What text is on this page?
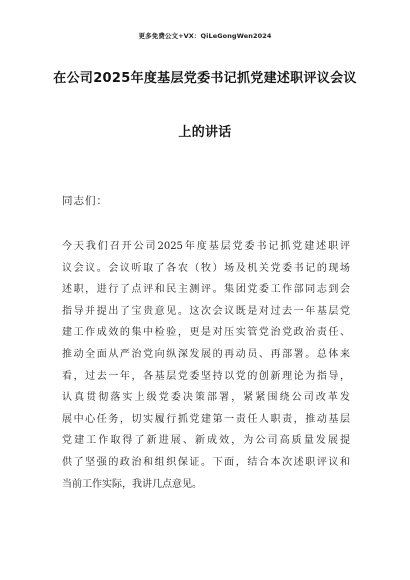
更多免费公文+VX：QiLeGongWen2024
在公司2025年度基层党委书记抓党建述职评议会议
上的讲话
同志们：
今天我们召开公司2025年度基层党委书记抓党建述职评
议会议。会议听取了各农（牧）场及机关党委书记的现场
述职，进行了点评和民主测评。集团党委工作部同志到会
指导并提出了宝贵意见。这次会议既是对过去一年基层党
建工作成效的集中检验，更是对压实管党治党政治责任、
推动全面从严治党向纵深发展的再动员、再部署。总体来
看，过去一年，各基层党委坚持以党的创新理论为指导，
认真贯彻落实上级党委决策部署，紧紧围绕公司改革发
展中心任务，切实履行抓党建第一责任人职责，推动基层
党建工作取得了新进展、新成效，为公司高质量发展提
供了坚强的政治和组织保证。下面，结合本次述职评议和
当前工作实际，我讲几点意见。
